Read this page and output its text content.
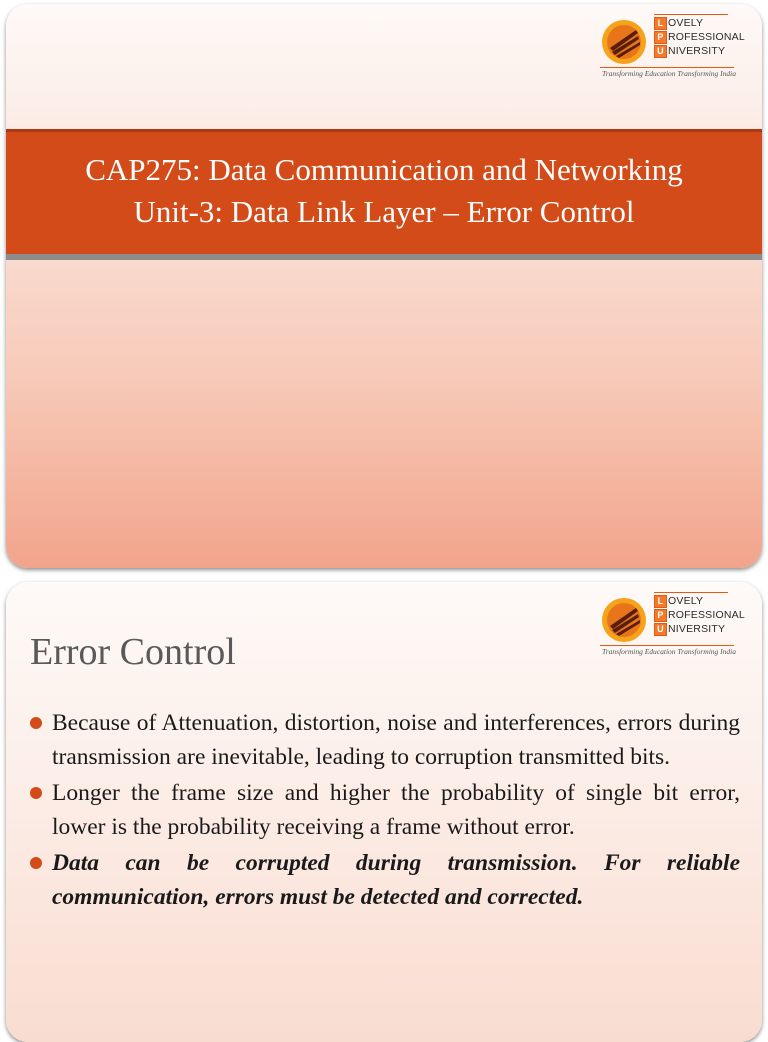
L OVELY
P ROFESSIONAL
U NIVERSITY
Transforming Education Transforming India
CAP275: Data Communication and Networking
Unit-3: Data Link Layer – Error Control
L OVELY
P ROFESSIONAL
U NIVERSITY
Transforming Education Transforming India
Error Control
Because of Attenuation, distortion, noise and interferences, errors during transmission are inevitable, leading to corruption transmitted bits.
Longer the frame size and higher the probability of single bit error, lower is the probability receiving a frame without error.
Data can be corrupted during transmission. For reliable communication, errors must be detected and corrected.
